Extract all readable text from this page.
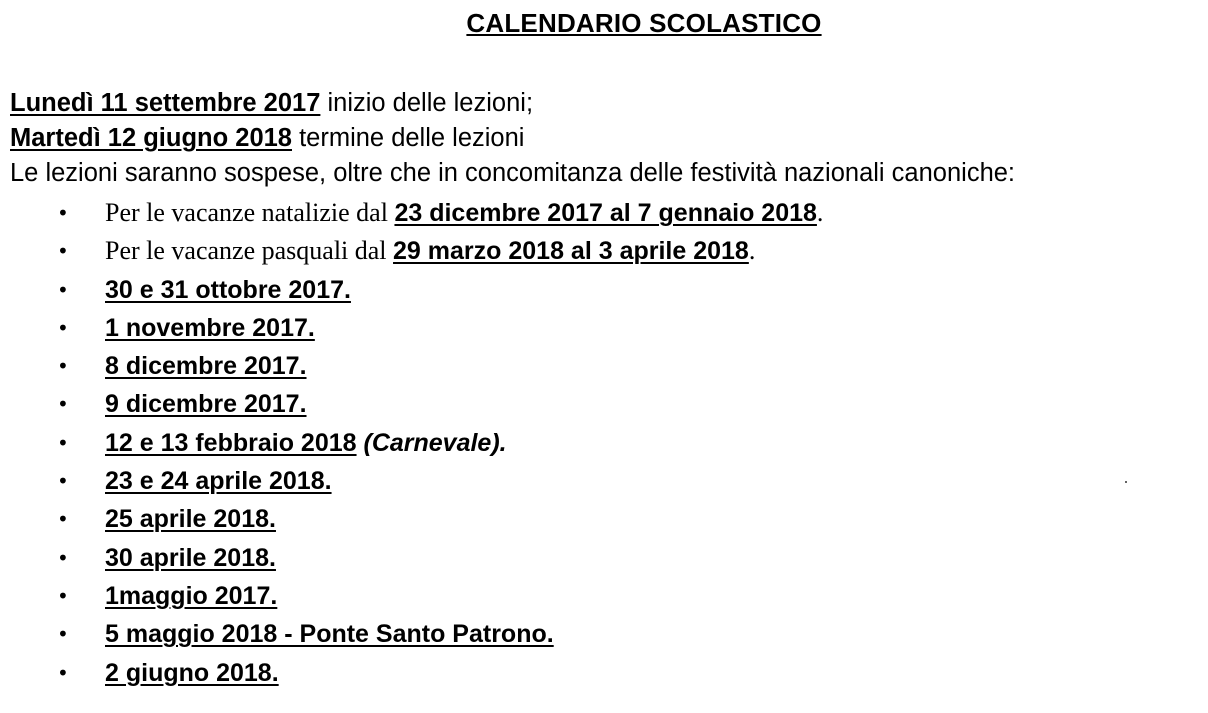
CALENDARIO SCOLASTICO
Lunedì 11 settembre 2017 inizio delle lezioni;
Martedì 12 giugno 2018 termine delle lezioni
Le lezioni saranno sospese, oltre che in concomitanza delle festività nazionali canoniche:
• Per le vacanze natalizie dal 23 dicembre 2017 al 7 gennaio 2018.
• Per le vacanze pasquali dal 29 marzo 2018 al 3 aprile 2018.
• 30 e 31 ottobre 2017.
• 1 novembre 2017.
• 8 dicembre 2017.
• 9 dicembre 2017.
• 12 e 13 febbraio 2018 (Carnevale).
• 23 e 24 aprile 2018.
• 25 aprile 2018.
• 30 aprile 2018.
• 1maggio 2017.
• 5 maggio 2018 - Ponte Santo Patrono.
• 2 giugno 2018.
